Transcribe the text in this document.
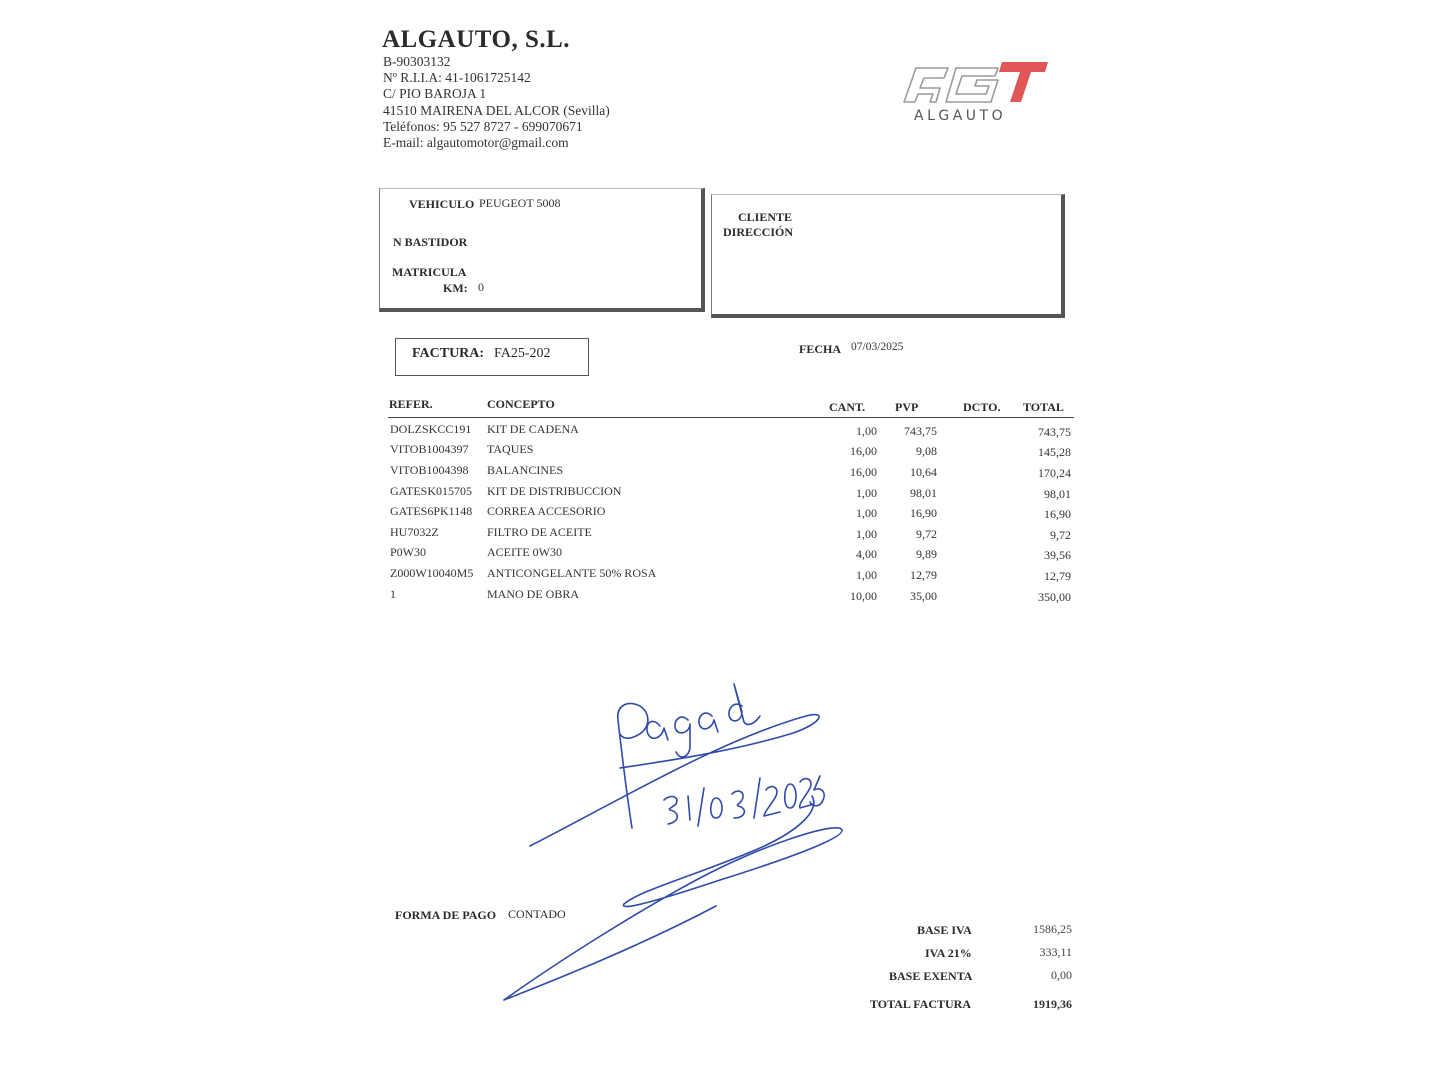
ALGAUTO, S.L.
B-90303132
Nº R.I.I.A: 41-1061725142
C/ PIO BAROJA 1
41510 MAIRENA DEL ALCOR (Sevilla)
Teléfonos: 95 527 8727 - 699070671
E-mail: algautomotor@gmail.com
ALGAUTO
VEHICULO PEUGEOT 5008
N BASTIDOR
MATRICULA
KM: 0
CLIENTE
DIRECCIÓN
FACTURA: FA25-202	FECHA 07/03/2025
REFER.	CONCEPTO	CANT. PVP	DCTO. TOTAL
DOLZSKCC191 KIT DE CADENA	1,00 743,75	743,75
VITOB1004397 TAQUES	16,00	9,08	145,28
VITOB1004398 BALANCINES	16,00	10,64	170,24
GATESK015705 KIT DE DISTRIBUCCION	1,00	98,01	98,01
GATES6PK1148 CORREA ACCESORIO	1,00	16,90	16,90
HU7032Z	FILTRO DE ACEITE	1,00	9,72	9,72
P0W30	ACEITE 0W30	4,00	9,89	39,56
Z000W10040M5 ANTICONGELANTE 50% ROSA	1,00	12,79	12,79
1	MANO DE OBRA	10,00	35,00	350,00
FORMA DE PAGO CONTADO
BASE IVA	1586,25
IVA 21%	333,11
BASE EXENTA	0,00
TOTAL FACTURA	1919,36
